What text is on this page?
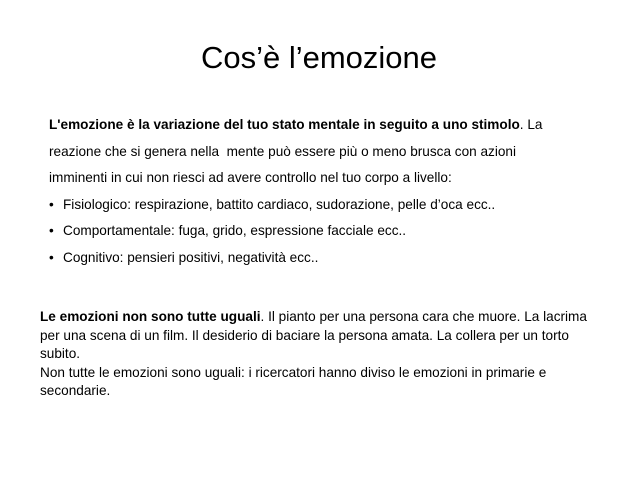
Cos’è l’emozione

L'emozione è la variazione del tuo stato mentale in seguito a uno stimolo. La

reazione che si genera nella  mente può essere più o meno brusca con azioni

imminenti in cui non riesci ad avere controllo nel tuo corpo a livello:

• Fisiologico: respirazione, battito cardiaco, sudorazione, pelle d’oca ecc..
• Comportamentale: fuga, grido, espressione facciale ecc..
• Cognitivo: pensieri positivi, negatività ecc..

Le emozioni non sono tutte uguali. Il pianto per una persona cara che muore. La lacrima per una scena di un film. Il desiderio di baciare la persona amata. La collera per un torto subito.

Non tutte le emozioni sono uguali: i ricercatori hanno diviso le emozioni in primarie e secondarie.
